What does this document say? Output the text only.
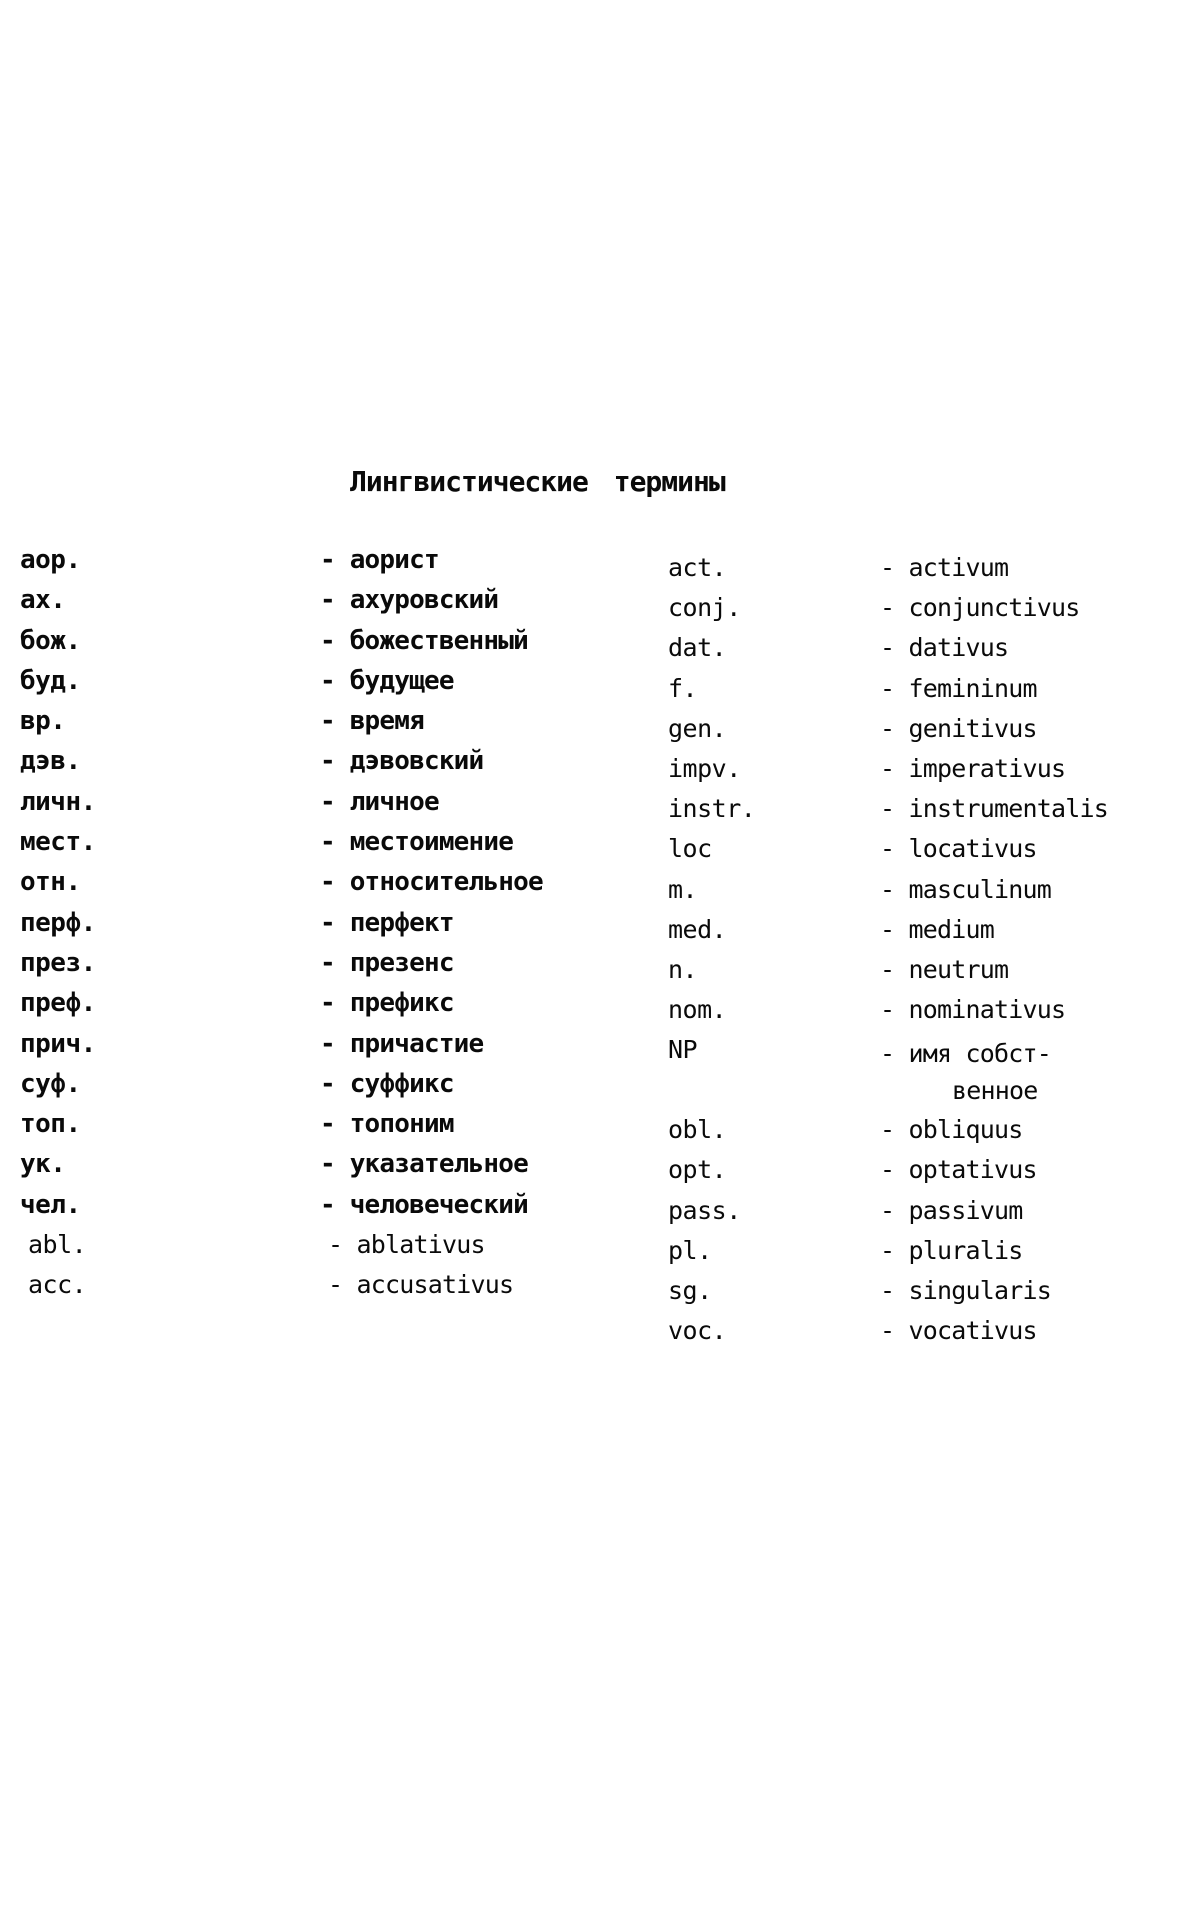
Лингвистические термины
аор.	- аорист
ах.	- ахуровский
бож.	- божественный
буд.	- будущее
вр.	- время
дэв.	- дэвовский
личн.	- личное
мест.	- местоимение
отн.	- относительное
перф.	- перфект
през.	- презенс
преф.	- префикс
прич.	- причастие
суф.	- суффикс
топ.	- топоним
ук.	- указательное
чел.	- человеческий
abl.	- ablativus
acc.	- accusativus
act.	- activum
conj.	- conjunctivus
dat.	- dativus
f.	- femininum
gen.	- genitivus
impv.	- imperativus
instr.	- instrumentalis
loc	- locativus
m.	- masculinum
med.	- medium
n.	- neutrum
nom.	- nominativus
NP	- имя собст-
венное
obl.	- obliquus
opt.	- optativus
pass.	- passivum
pl.	- pluralis
sg.	- singularis
voc.	- vocativus
